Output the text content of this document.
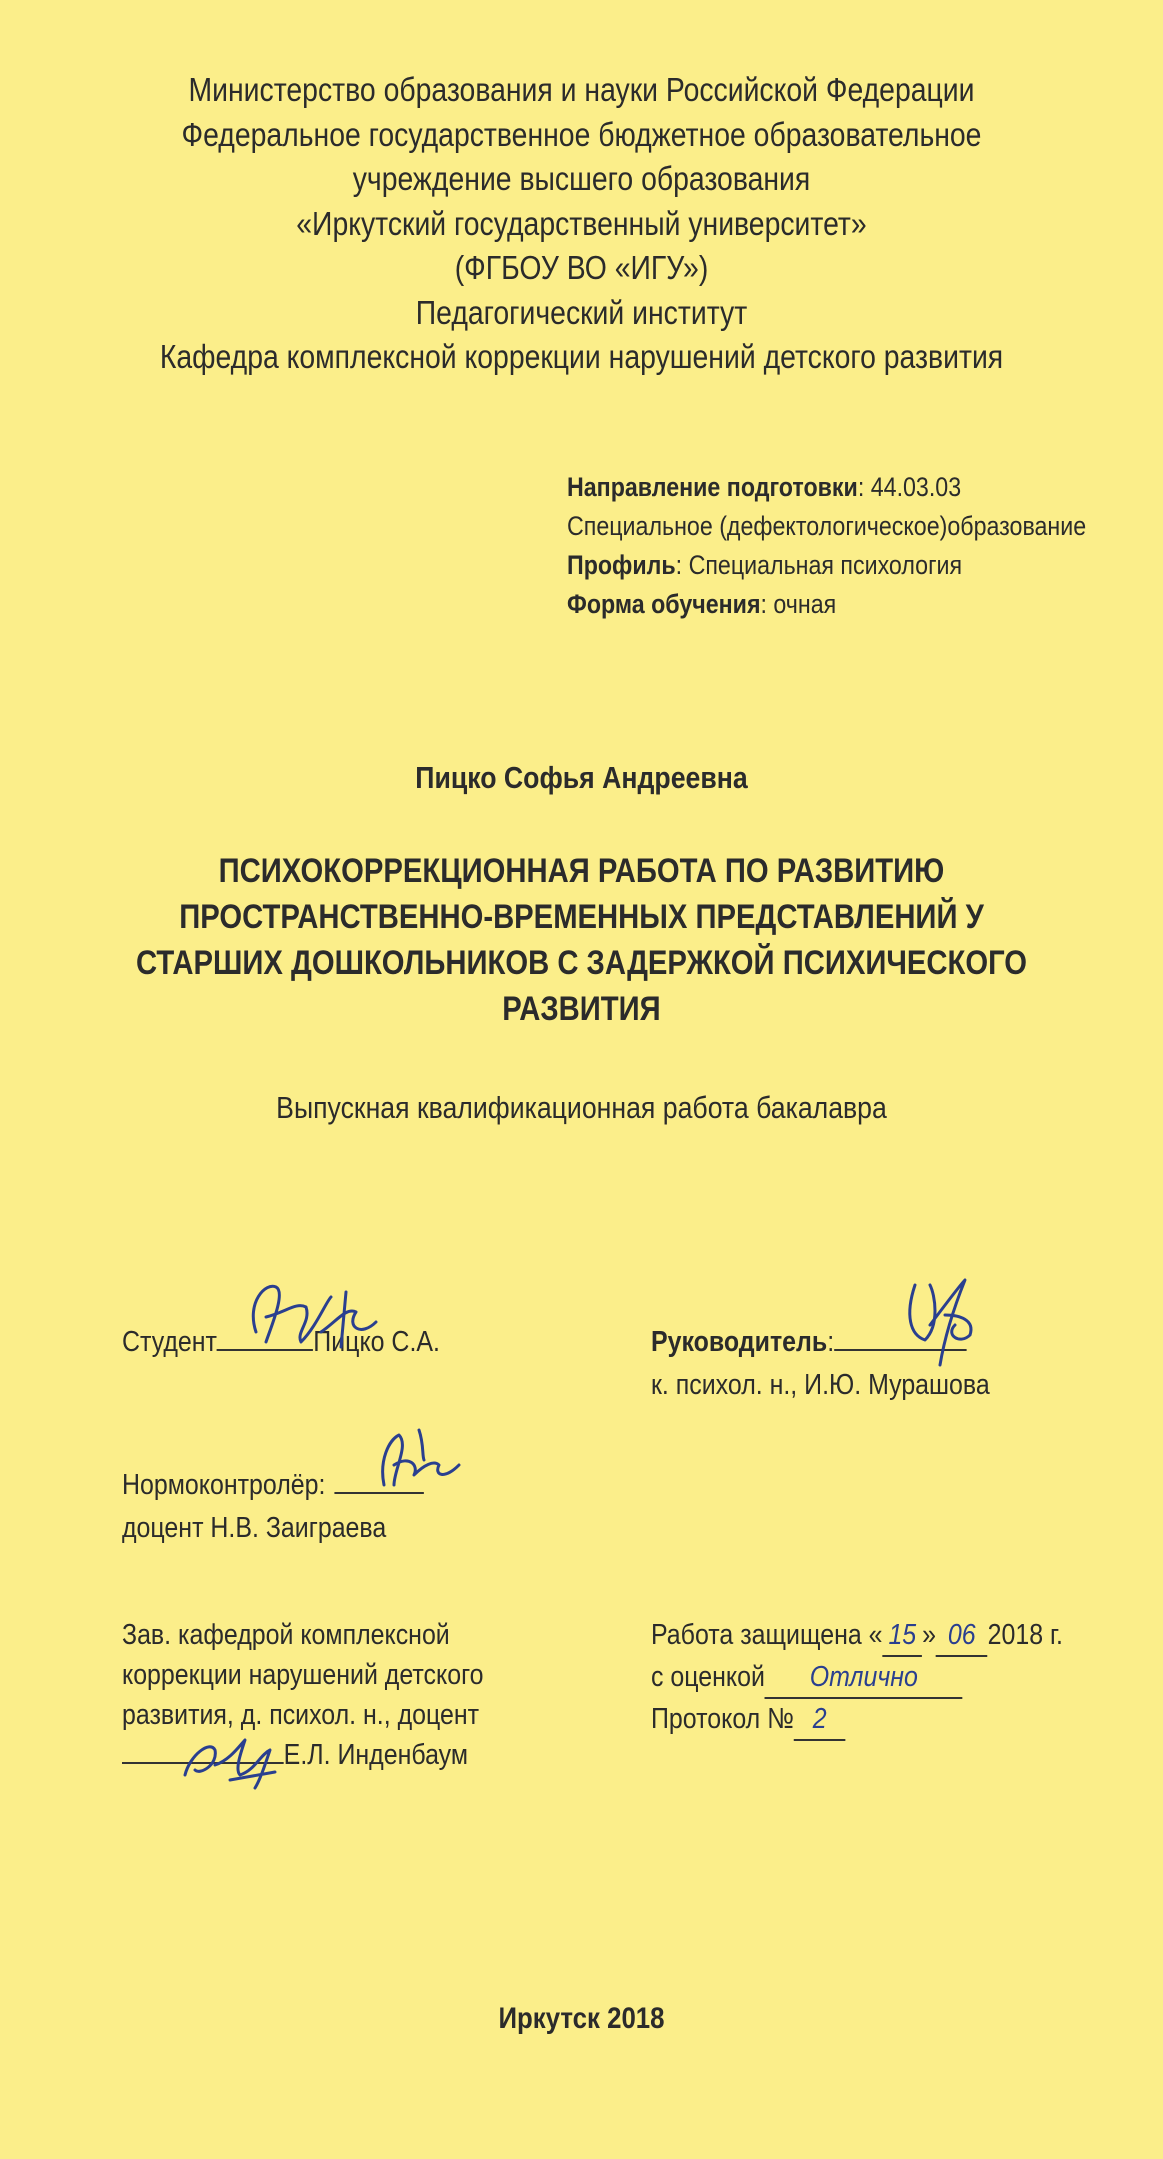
Министерство образования и науки Российской Федерации
Федеральное государственное бюджетное образовательное
учреждение высшего образования
«Иркутский государственный университет»
(ФГБОУ ВО «ИГУ»)
Педагогический институт
Кафедра комплексной коррекции нарушений детского развития
Направление подготовки: 44.03.03
Специальное (дефектологическое)образование
Профиль: Специальная психология
Форма обучения: очная
Пицко Софья Андреевна
ПСИХОКОРРЕКЦИОННАЯ РАБОТА ПО РАЗВИТИЮ
ПРОСТРАНСТВЕННО-ВРЕМЕННЫХ ПРЕДСТАВЛЕНИЙ У
СТАРШИХ ДОШКОЛЬНИКОВ С ЗАДЕРЖКОЙ ПСИХИЧЕСКОГО
РАЗВИТИЯ
Выпускная квалификационная работа бакалавра
Студент	Пицко С.А.	Руководитель:
к. психол. н., И.Ю. Мурашова
Нормоконтролёр:
доцент Н.В. Заиграева
Зав. кафедрой комплексной
коррекции нарушений детского
развития, д. психол. н., доцент
Е.Л. Инденбаум
Работа защищена « 15 » 06 2018 г.
с оценкой Отлично
Протокол № 2
Иркутск 2018
